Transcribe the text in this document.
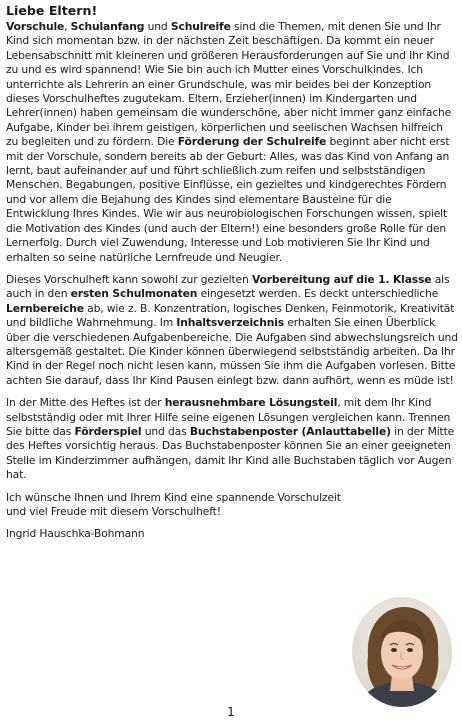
Liebe Eltern!

Vorschule, Schulanfang und Schulreife sind die Themen, mit denen Sie und Ihr Kind sich momentan bzw. in der nächsten Zeit beschäftigen. Da kommt ein neuer Lebensabschnitt mit kleineren und größeren Herausforderungen auf Sie und Ihr Kind zu und es wird spannend! Wie Sie bin auch ich Mutter eines Vorschulkindes. Ich unterrichte als Lehrerin an einer Grundschule, was mir beides bei der Konzeption dieses Vorschulheftes zugutekam. Eltern, Erzieher(innen) im Kindergarten und Lehrer(innen) haben gemeinsam die wunderschöne, aber nicht immer ganz einfache Aufgabe, Kinder bei ihrem geistigen, körperlichen und seelischen Wachsen hilfreich zu begleiten und zu fördern. Die Förderung der Schulreife beginnt aber nicht erst mit der Vorschule, sondern bereits ab der Geburt: Alles, was das Kind von Anfang an lernt, baut aufeinander auf und führt schließlich zum reifen und selbstständigen Menschen. Begabungen, positive Einflüsse, ein gezieltes und kindgerechtes Fördern und vor allem die Bejahung des Kindes sind elementare Bausteine für die Entwicklung Ihres Kindes. Wie wir aus neurobiologischen Forschungen wissen, spielt die Motivation des Kindes (und auch der Eltern!) eine besonders große Rolle für den Lernerfolg. Durch viel Zuwendung, Interesse und Lob motivieren Sie Ihr Kind und erhalten so seine natürliche Lernfreude und Neugier.

Dieses Vorschulheft kann sowohl zur gezielten Vorbereitung auf die 1. Klasse als auch in den ersten Schulmonaten eingesetzt werden. Es deckt unterschiedliche Lernbereiche ab, wie z. B. Konzentration, logisches Denken, Feinmotorik, Kreativität und bildliche Wahrnehmung. Im Inhaltsverzeichnis erhalten Sie einen Überblick über die verschiedenen Aufgabenbereiche. Die Aufgaben sind abwechslungsreich und altersgemäß gestaltet. Die Kinder können überwiegend selbstständig arbeiten. Da Ihr Kind in der Regel noch nicht lesen kann, müssen Sie ihm die Aufgaben vorlesen. Bitte achten Sie darauf, dass Ihr Kind Pausen einlegt bzw. dann aufhört, wenn es müde ist!

In der Mitte des Heftes ist der herausnehmbare Lösungsteil, mit dem Ihr Kind selbstständig oder mit Ihrer Hilfe seine eigenen Lösungen vergleichen kann. Trennen Sie bitte das Förderspiel und das Buchstabenposter (Anlauttabelle) in der Mitte des Heftes vorsichtig heraus. Das Buchstabenposter können Sie an einer geeigneten Stelle im Kinderzimmer aufhängen, damit Ihr Kind alle Buchstaben täglich vor Augen hat.

Ich wünsche Ihnen und Ihrem Kind eine spannende Vorschulzeit und viel Freude mit diesem Vorschulheft!

Ingrid Hauschka-Bohmann

1
